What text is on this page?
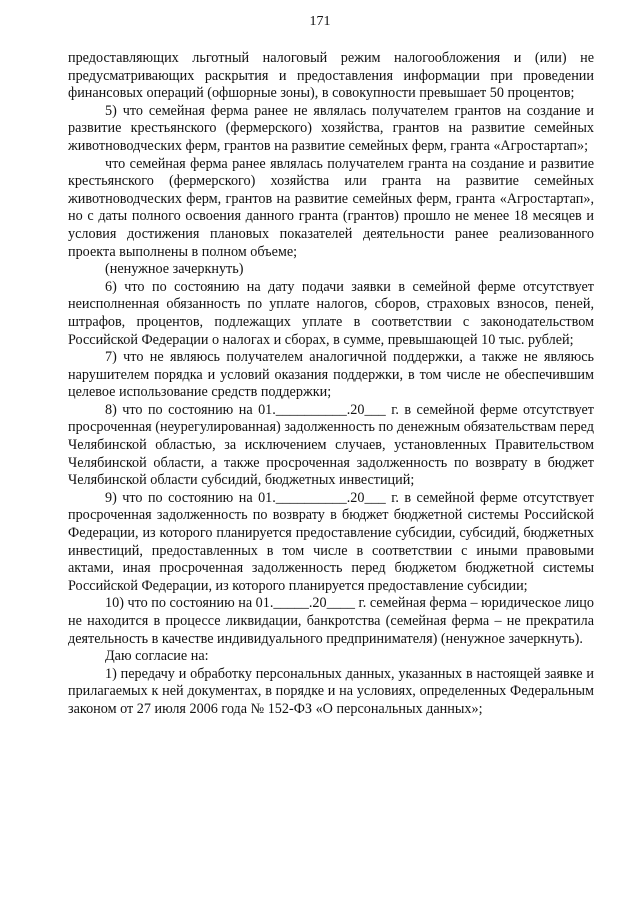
171

предоставляющих льготный налоговый режим налогообложения и (или) не предусматривающих раскрытия и предоставления информации при проведении финансовых операций (офшорные зоны), в совокупности превышает 50 процентов;

5) что семейная ферма ранее не являлась получателем грантов на создание и развитие крестьянского (фермерского) хозяйства, грантов на развитие семейных животноводческих ферм, грантов на развитие семейных ферм, гранта «Агростартап»;

что семейная ферма ранее являлась получателем гранта на создание и развитие крестьянского (фермерского) хозяйства или гранта на развитие семейных животноводческих ферм, грантов на развитие семейных ферм, гранта «Агростартап», но с даты полного освоения данного гранта (грантов) прошло не менее 18 месяцев и условия достижения плановых показателей деятельности ранее реализованного проекта выполнены в полном объеме;

(ненужное зачеркнуть)

6) что по состоянию на дату подачи заявки в семейной ферме отсутствует неисполненная обязанность по уплате налогов, сборов, страховых взносов, пеней, штрафов, процентов, подлежащих уплате в соответствии с законодательством Российской Федерации о налогах и сборах, в сумме, превышающей 10 тыс. рублей;

7) что не являюсь получателем аналогичной поддержки, а также не являюсь нарушителем порядка и условий оказания поддержки, в том числе не обеспечившим целевое использование средств поддержки;

8) что по состоянию на 01.__________.20___ г. в семейной ферме отсутствует просроченная (неурегулированная) задолженность по денежным обязательствам перед Челябинской областью, за исключением случаев, установленных Правительством Челябинской области, а также просроченная задолженность по возврату в бюджет Челябинской области субсидий, бюджетных инвестиций;

9) что по состоянию на 01.__________.20___ г. в семейной ферме отсутствует просроченная задолженность по возврату в бюджет бюджетной системы Российской Федерации, из которого планируется предоставление субсидии, субсидий, бюджетных инвестиций, предоставленных в том числе в соответствии с иными правовыми актами, иная просроченная задолженность перед бюджетом бюджетной системы Российской Федерации, из которого планируется предоставление субсидии;

10) что по состоянию на 01._____.20____ г. семейная ферма – юридическое лицо не находится в процессе ликвидации, банкротства (семейная ферма – не прекратила деятельность в качестве индивидуального предпринимателя) (ненужное зачеркнуть).

Даю согласие на:

1) передачу и обработку персональных данных, указанных в настоящей заявке и прилагаемых к ней документах, в порядке и на условиях, определенных Федеральным законом от 27 июля 2006 года № 152-ФЗ «О персональных данных»;
